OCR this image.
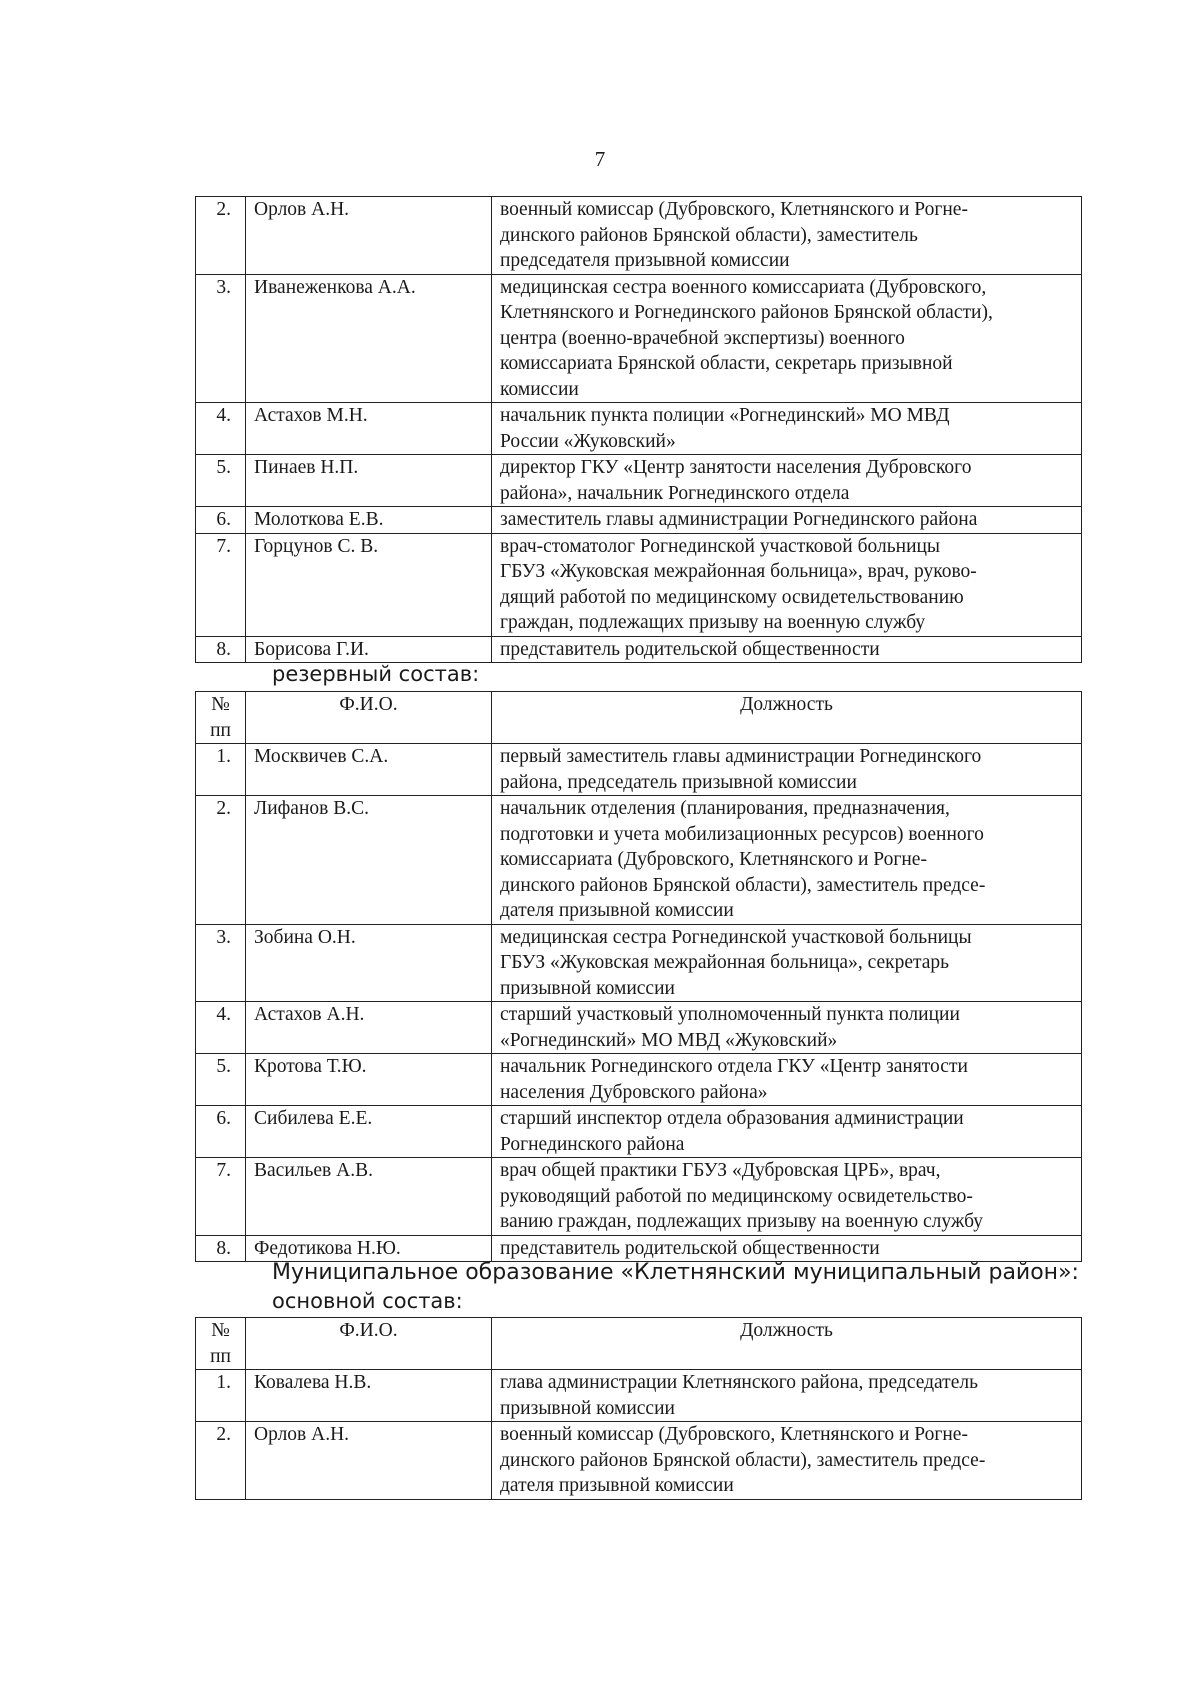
7
2.	Орлов А.Н.	военный комиссар (Дубровского, Клетнянского и Рогне-
динского районов Брянской области), заместитель
председателя призывной комиссии
3.	Иванеженкова А.А.	медицинская сестра военного комиссариата (Дубровского,
Клетнянского и Рогнединского районов Брянской области),
центра (военно-врачебной экспертизы) военного
комиссариата Брянской области, секретарь призывной
комиссии
4.	Астахов М.Н.	начальник пункта полиции «Рогнединский» МО МВД
России «Жуковский»
5.	Пинаев Н.П.	директор ГКУ «Центр занятости населения Дубровского
района», начальник Рогнединского отдела
6.	Молоткова Е.В.	заместитель главы администрации Рогнединского района
7.	Горцунов С. В.	врач-стоматолог Рогнединской участковой больницы
ГБУЗ «Жуковская межрайонная больница», врач, руково-
дящий работой по медицинскому освидетельствованию
граждан, подлежащих призыву на военную службу
8.	Борисова Г.И.	представитель родительской общественности
резервный состав:
№
пп	Ф.И.О.	Должность
1.	Москвичев С.А.	первый заместитель главы администрации Рогнединского
района, председатель призывной комиссии
2.	Лифанов В.С.	начальник отделения (планирования, предназначения,
подготовки и учета мобилизационных ресурсов) военного
комиссариата (Дубровского, Клетнянского и Рогне-
динского районов Брянской области), заместитель предсе-
дателя призывной комиссии
3.	Зобина О.Н.	медицинская сестра Рогнединской участковой больницы
ГБУЗ «Жуковская межрайонная больница», секретарь
призывной комиссии
4.	Астахов А.Н.	старший участковый уполномоченный пункта полиции
«Рогнединский» МО МВД «Жуковский»
5.	Кротова Т.Ю.	начальник Рогнединского отдела ГКУ «Центр занятости
населения Дубровского района»
6.	Сибилева Е.Е.	старший инспектор отдела образования администрации
Рогнединского района
7.	Васильев А.В.	врач общей практики ГБУЗ «Дубровская ЦРБ», врач,
руководящий работой по медицинскому освидетельство-
ванию граждан, подлежащих призыву на военную службу
8.	Федотикова Н.Ю.	представитель родительской общественности
Муниципальное образование «Клетнянский муниципальный район»:
основной состав:
№
пп	Ф.И.О.	Должность
1.	Ковалева Н.В.	глава администрации Клетнянского района, председатель
призывной комиссии
2.	Орлов А.Н.	военный комиссар (Дубровского, Клетнянского и Рогне-
динского районов Брянской области), заместитель предсе-
дателя призывной комиссии
